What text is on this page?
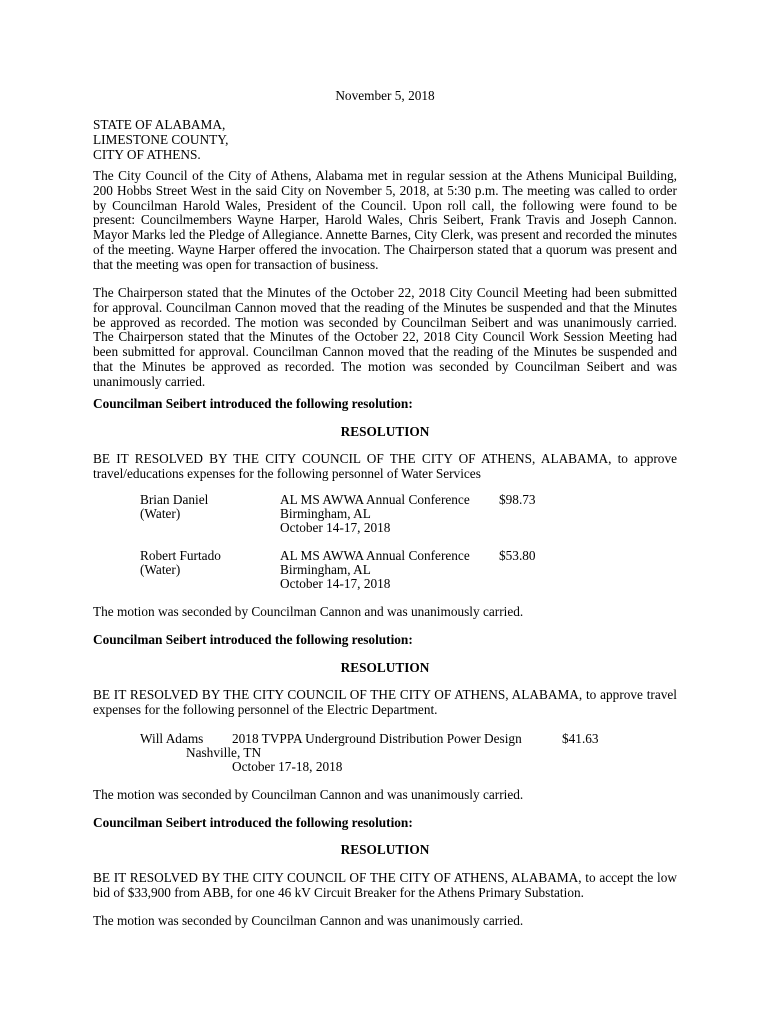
November 5, 2018
STATE OF ALABAMA,
LIMESTONE COUNTY,
CITY OF ATHENS.

The City Council of the City of Athens, Alabama met in regular session at the Athens Municipal Building, 200 Hobbs Street West in the said City on November 5, 2018, at 5:30 p.m. The meeting was called to order by Councilman Harold Wales, President of the Council. Upon roll call, the following were found to be present: Councilmembers Wayne Harper, Harold Wales, Chris Seibert, Frank Travis and Joseph Cannon. Mayor Marks led the Pledge of Allegiance. Annette Barnes, City Clerk, was present and recorded the minutes of the meeting. Wayne Harper offered the invocation. The Chairperson stated that a quorum was present and that the meeting was open for transaction of business.

The Chairperson stated that the Minutes of the October 22, 2018 City Council Meeting had been submitted for approval. Councilman Cannon moved that the reading of the Minutes be suspended and that the Minutes be approved as recorded. The motion was seconded by Councilman Seibert and was unanimously carried. The Chairperson stated that the Minutes of the October 22, 2018 City Council Work Session Meeting had been submitted for approval. Councilman Cannon moved that the reading of the Minutes be suspended and that the Minutes be approved as recorded. The motion was seconded by Councilman Seibert and was unanimously carried.

Councilman Seibert introduced the following resolution:
RESOLUTION

BE IT RESOLVED BY THE CITY COUNCIL OF THE CITY OF ATHENS, ALABAMA, to approve travel/educations expenses for the following personnel of Water Services

Brian Daniel
(Water)
AL MS AWWA Annual Conference
Birmingham, AL
October 14-17, 2018
$98.73
Robert Furtado
(Water)
AL MS AWWA Annual Conference
Birmingham, AL
October 14-17, 2018
$53.80
The motion was seconded by Councilman Cannon and was unanimously carried.
Councilman Seibert introduced the following resolution:
RESOLUTION

BE IT RESOLVED BY THE CITY COUNCIL OF THE CITY OF ATHENS, ALABAMA, to approve travel expenses for the following personnel of the Electric Department.

Will Adams 2018 TVPPA Underground Distribution Power Design	$41.63
Nashville, TN
October 17-18, 2018
The motion was seconded by Councilman Cannon and was unanimously carried.
Councilman Seibert introduced the following resolution:
RESOLUTION

BE IT RESOLVED BY THE CITY COUNCIL OF THE CITY OF ATHENS, ALABAMA, to accept the low bid of $33,900 from ABB, for one 46 kV Circuit Breaker for the Athens Primary Substation.

The motion was seconded by Councilman Cannon and was unanimously carried.
